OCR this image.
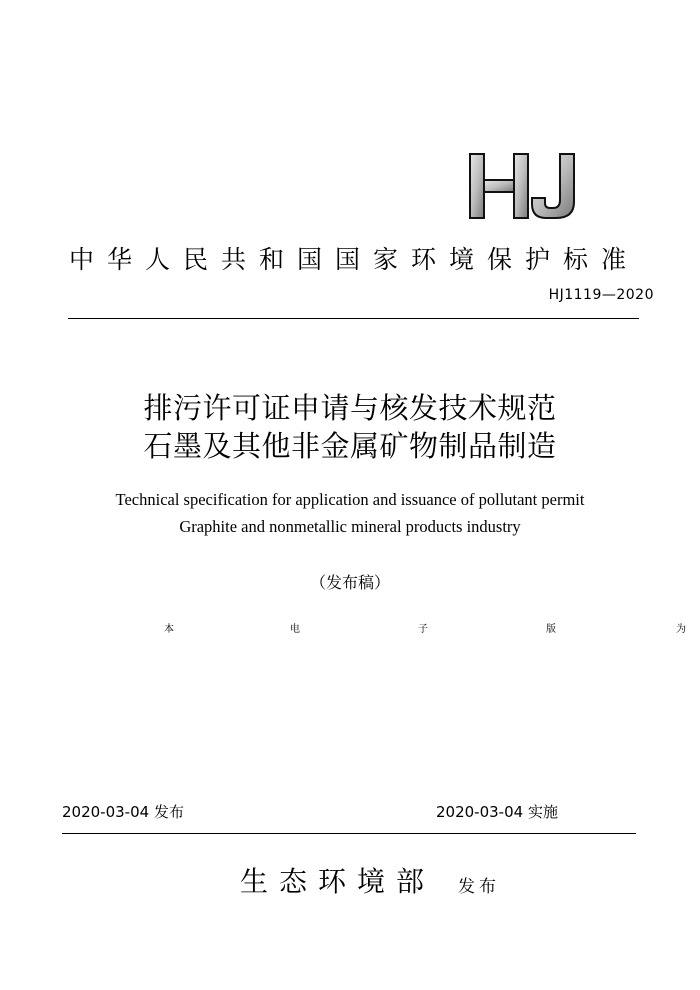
中华人民共和国国家环境保护标准
HJ1119—2020
排污许可证申请与核发技术规范
石墨及其他非金属矿物制品制造
Technical specification for application and issuance of pollutant permit
Graphite and nonmetallic mineral products industry
（发布稿）
本	电	子	版	为
2020-03-04 发布	2020-03-04 实施
生态环境部 发布
